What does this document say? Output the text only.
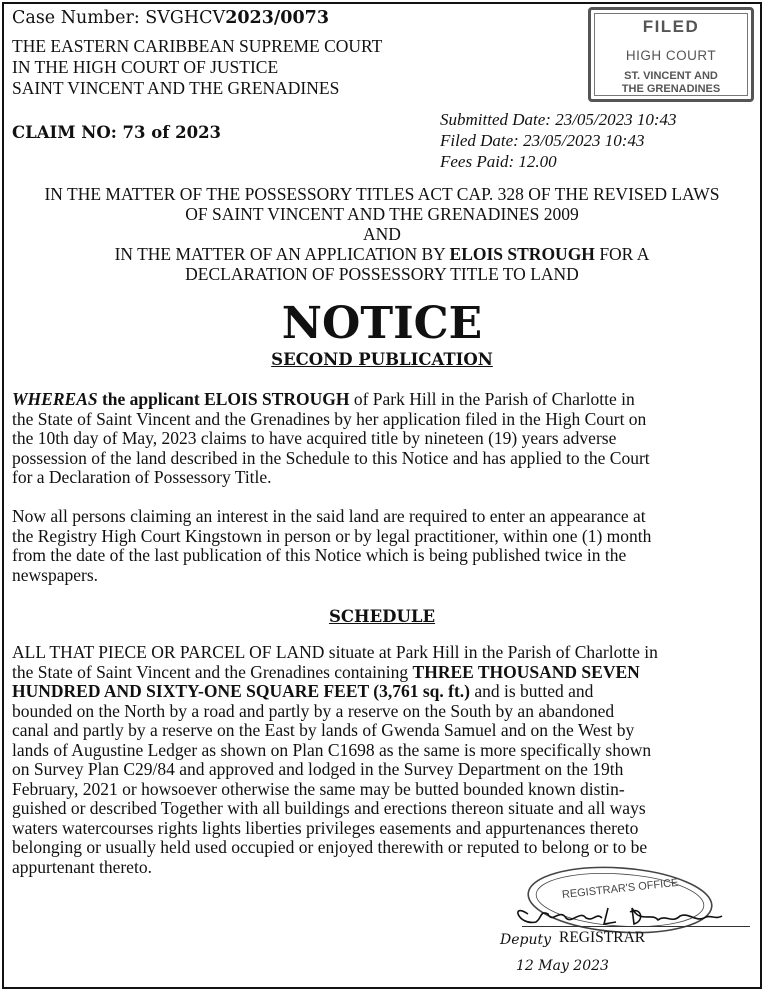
Case Number: SVGHCV2023/0073
THE EASTERN CARIBBEAN SUPREME COURT
IN THE HIGH COURT OF JUSTICE
SAINT VINCENT AND THE GRENADINES
FILED
HIGH COURT
ST. VINCENT AND
THE GRENADINES
CLAIM NO: 73 of 2023
Submitted Date: 23/05/2023 10:43
Filed Date: 23/05/2023 10:43
Fees Paid: 12.00
IN THE MATTER OF THE POSSESSORY TITLES ACT CAP. 328 OF THE REVISED LAWS
OF SAINT VINCENT AND THE GRENADINES 2009
AND
IN THE MATTER OF AN APPLICATION BY ELOIS STROUGH FOR A
DECLARATION OF POSSESSORY TITLE TO LAND
NOTICE
SECOND PUBLICATION
WHEREAS the applicant ELOIS STROUGH of Park Hill in the Parish of Charlotte in
the State of Saint Vincent and the Grenadines by her application filed in the High Court on
the 10th day of May, 2023 claims to have acquired title by nineteen (19) years adverse
possession of the land described in the Schedule to this Notice and has applied to the Court
for a Declaration of Possessory Title.
Now all persons claiming an interest in the said land are required to enter an appearance at
the Registry High Court Kingstown in person or by legal practitioner, within one (1) month
from the date of the last publication of this Notice which is being published twice in the
newspapers.
SCHEDULE
ALL THAT PIECE OR PARCEL OF LAND situate at Park Hill in the Parish of Charlotte in
the State of Saint Vincent and the Grenadines containing THREE THOUSAND SEVEN
HUNDRED AND SIXTY-ONE SQUARE FEET (3,761 sq. ft.) and is butted and
bounded on the North by a road and partly by a reserve on the South by an abandoned
canal and partly by a reserve on the East by lands of Gwenda Samuel and on the West by
lands of Augustine Ledger as shown on Plan C1698 as the same is more specifically shown
on Survey Plan C29/84 and approved and lodged in the Survey Department on the 19th
February, 2021 or howsoever otherwise the same may be butted bounded known distin-
guished or described Together with all buildings and erections thereon situate and all ways
waters watercourses rights lights liberties privileges easements and appurtenances thereto
belonging or usually held used occupied or enjoyed therewith or reputed to belong or to be
appurtenant thereto.
REGISTRAR'S OFFICE
Deputy
12 May 2023
REGISTRAR
